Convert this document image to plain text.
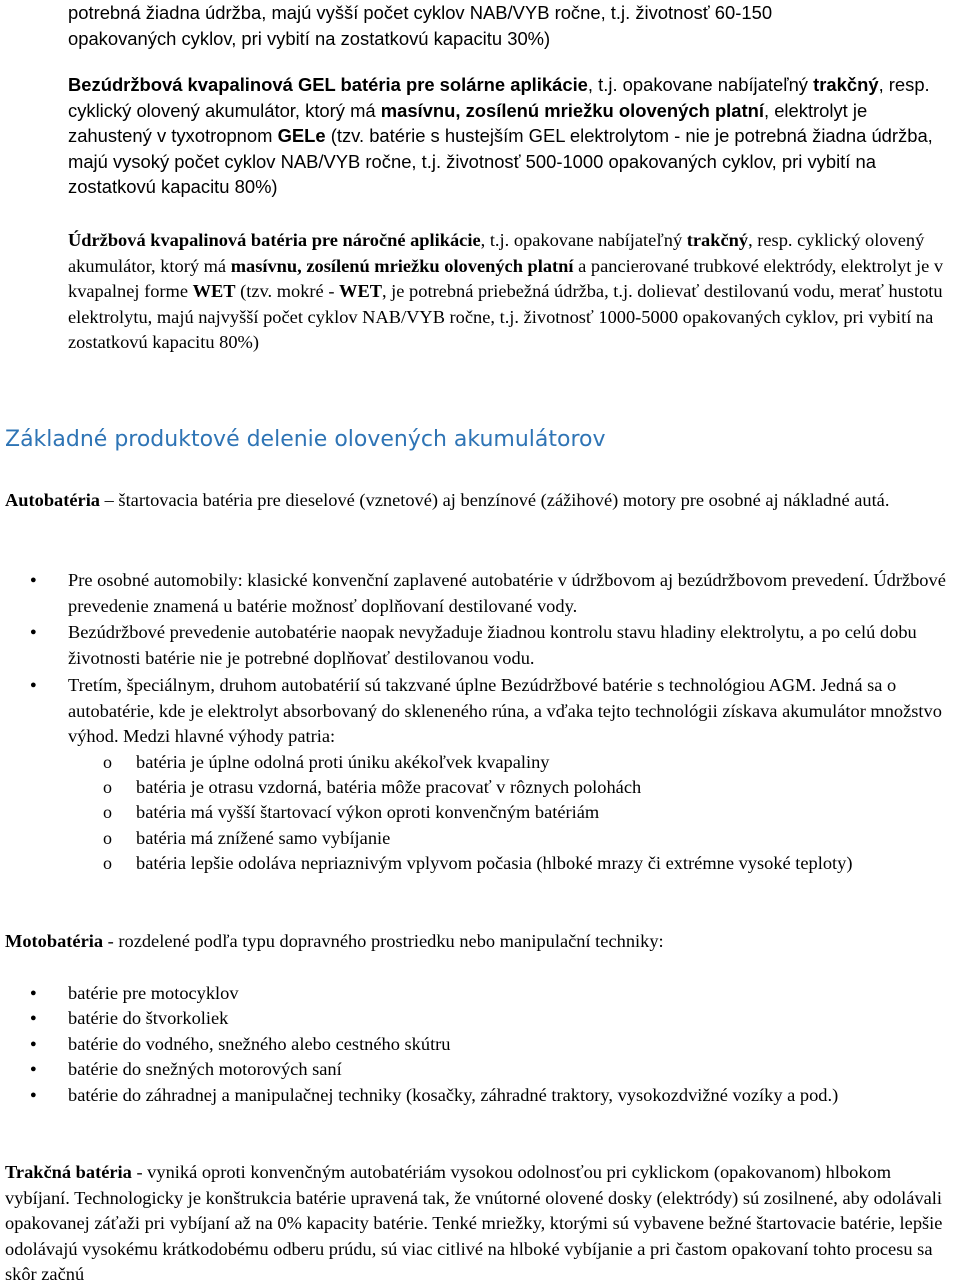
potrebná žiadna údržba, majú vyšší počet cyklov NAB/VYB ročne, t.j. životnosť 60-150

opakovaných cyklov, pri vybití na zostatkovú kapacitu 30%)

Bezúdržbová kvapalinová GEL batéria pre solárne aplikácie, t.j. opakovane nabíjateľný trakčný, resp. cyklický olovený akumulátor, ktorý má masívnu, zosílenú mriežku olovených platní, elektrolyt je zahustený v tyxotropnom GELe (tzv. batérie s hustejším GEL elektrolytom - nie je potrebná žiadna údržba, majú vysoký počet cyklov NAB/VYB ročne, t.j. životnosť 500-1000 opakovaných cyklov, pri vybití na zostatkovú kapacitu 80%)

Údržbová kvapalinová batéria pre náročné aplikácie, t.j. opakovane nabíjateľný trakčný, resp. cyklický olovený akumulátor, ktorý má masívnu, zosílenú mriežku olovených platní a pancierované trubkové elektródy, elektrolyt je v kvapalnej forme WET (tzv. mokré - WET, je potrebná priebežná údržba, t.j. dolievať destilovanú vodu, merať hustotu elektrolytu, majú najvyšší počet cyklov NAB/VYB ročne, t.j. životnosť 1000-5000 opakovaných cyklov, pri vybití na zostatkovú kapacitu 80%)

Základné produktové delenie olovených akumulátorov

Autobatéria – štartovacia batéria pre dieselové (vznetové) aj benzínové (zážihové) motory pre osobné aj nákladné autá.

● Pre osobné automobily: klasické konvenční zaplavené autobatérie v údržbovom aj bezúdržbovom prevedení. Údržbové prevedenie znamená u batérie možnosť doplňovaní destilované vody.

● Bezúdržbové prevedenie autobatérie naopak nevyžaduje žiadnou kontrolu stavu hladiny elektrolytu, a po celú dobu životnosti batérie nie je potrebné doplňovať destilovanou vodu.

● Tretím, špeciálnym, druhom autobatérií sú takzvané úplne Bezúdržbové batérie s technológiou AGM. Jedná sa o autobatérie, kde je elektrolyt absorbovaný do skleneného rúna, a vďaka tejto technológii získava akumulátor množstvo výhod. Medzi hlavné výhody patria:

o batéria je úplne odolná proti úniku akékoľvek kvapaliny

o batéria je otrasu vzdorná, batéria môže pracovať v rôznych polohách

o batéria má vyšší štartovací výkon oproti konvenčným batériám

o batéria má znížené samo vybíjanie

o batéria lepšie odoláva nepriaznivým vplyvom počasia (hlboké mrazy či extrémne vysoké teploty)

Motobatéria - rozdelené podľa typu dopravného prostriedku nebo manipulační techniky:

● batérie pre motocyklov

● batérie do štvorkoliek

● batérie do vodného, snežného alebo cestného skútru

● batérie do snežných motorových saní

● batérie do záhradnej a manipulačnej techniky (kosačky, záhradné traktory, vysokozdvižné vozíky a pod.)

Trakčná batéria - vyniká oproti konvenčným autobatériám vysokou odolnosťou pri cyklickom (opakovanom) hlbokom vybíjaní. Technologicky je konštrukcia batérie upravená tak, že vnútorné olovené dosky (elektródy) sú zosilnené, aby odolávali opakovanej záťaži pri vybíjaní až na 0% kapacity batérie. Tenké mriežky, ktorými sú vybavene bežné štartovacie batérie, lepšie odolávajú vysokému krátkodobému odberu prúdu, sú viac citlivé na hlboké vybíjanie a pri častom opakovaní tohto procesu sa skôr začnú
